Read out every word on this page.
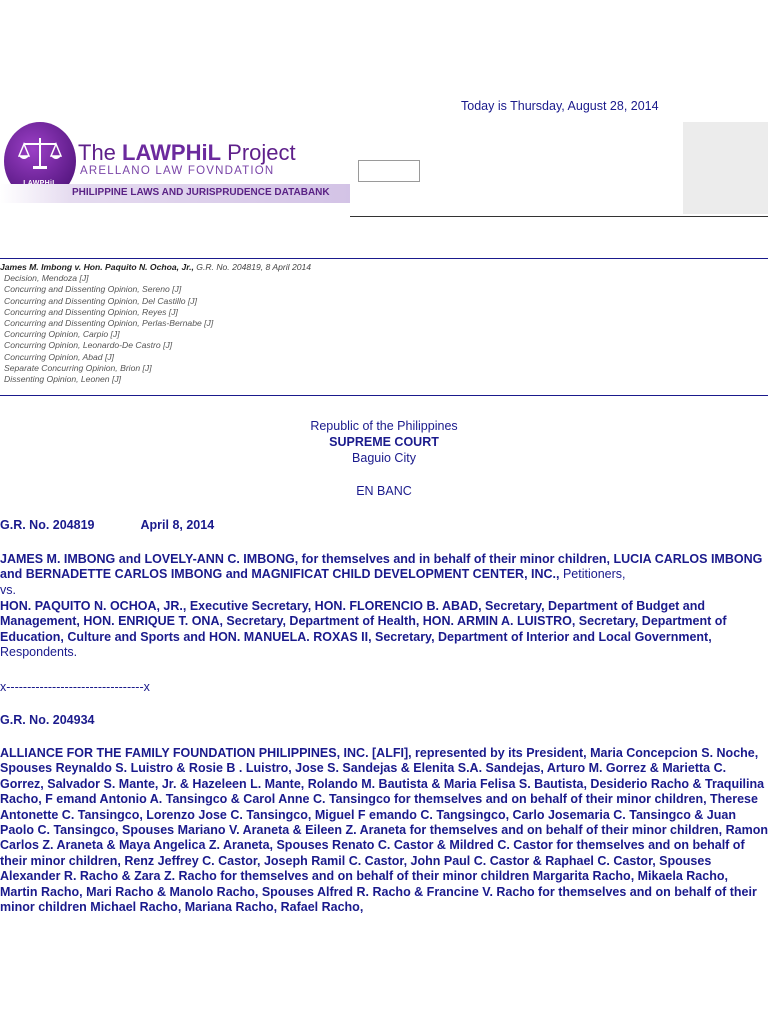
Today is Thursday, August 28, 2014
The LAWPHiL Project
ARELLANO LAW FOVNDATION
PHILIPPINE LAWS AND JURISPRUDENCE DATABANK
James M. Imbong v. Hon. Paquito N. Ochoa, Jr., G.R. No. 204819, 8 April 2014
Decision, Mendoza [J]
Concurring and Dissenting Opinion, Sereno [J]
Concurring and Dissenting Opinion, Del Castillo [J]
Concurring and Dissenting Opinion, Reyes [J]
Concurring and Dissenting Opinion, Perlas-Bernabe [J]
Concurring Opinion, Carpio [J]
Concurring Opinion, Leonardo-De Castro [J]
Concurring Opinion, Abad [J]
Separate Concurring Opinion, Brion [J]
Dissenting Opinion, Leonen [J]
Republic of the Philippines
SUPREME COURT
Baguio City
EN BANC
G.R. No. 204819	April 8, 2014
JAMES M. IMBONG and LOVELY-ANN C. IMBONG, for themselves and in behalf of their minor children, LUCIA CARLOS IMBONG and BERNADETTE CARLOS IMBONG and MAGNIFICAT CHILD DEVELOPMENT CENTER, INC., Petitioners,
vs.
HON. PAQUITO N. OCHOA, JR., Executive Secretary, HON. FLORENCIO B. ABAD, Secretary, Department of Budget and Management, HON. ENRIQUE T. ONA, Secretary, Department of Health, HON. ARMIN A. LUISTRO, Secretary, Department of Education, Culture and Sports and HON. MANUELA. ROXAS II, Secretary, Department of Interior and Local Government, Respondents.
x---------------------------------x
G.R. No. 204934
ALLIANCE FOR THE FAMILY FOUNDATION PHILIPPINES, INC. [ALFI], represented by its President, Maria Concepcion S. Noche, Spouses Reynaldo S. Luistro & Rosie B . Luistro, Jose S. Sandejas & Elenita S.A. Sandejas, Arturo M. Gorrez & Marietta C. Gorrez, Salvador S. Mante, Jr. & Hazeleen L. Mante, Rolando M. Bautista & Maria Felisa S. Bautista, Desiderio Racho & Traquilina Racho, F emand Antonio A. Tansingco & Carol Anne C. Tansingco for themselves and on behalf of their minor children, Therese Antonette C. Tansingco, Lorenzo Jose C. Tansingco, Miguel F emando C. Tangsingco, Carlo Josemaria C. Tansingco & Juan Paolo C. Tansingco, Spouses Mariano V. Araneta & Eileen Z. Araneta for themselves and on behalf of their minor children, Ramon Carlos Z. Araneta & Maya Angelica Z. Araneta, Spouses Renato C. Castor & Mildred C. Castor for themselves and on behalf of their minor children, Renz Jeffrey C. Castor, Joseph Ramil C. Castor, John Paul C. Castor & Raphael C. Castor, Spouses Alexander R. Racho & Zara Z. Racho for themselves and on behalf of their minor children Margarita Racho, Mikaela Racho, Martin Racho, Mari Racho & Manolo Racho, Spouses Alfred R. Racho & Francine V. Racho for themselves and on behalf of their minor children Michael Racho, Mariana Racho, Rafael Racho,
